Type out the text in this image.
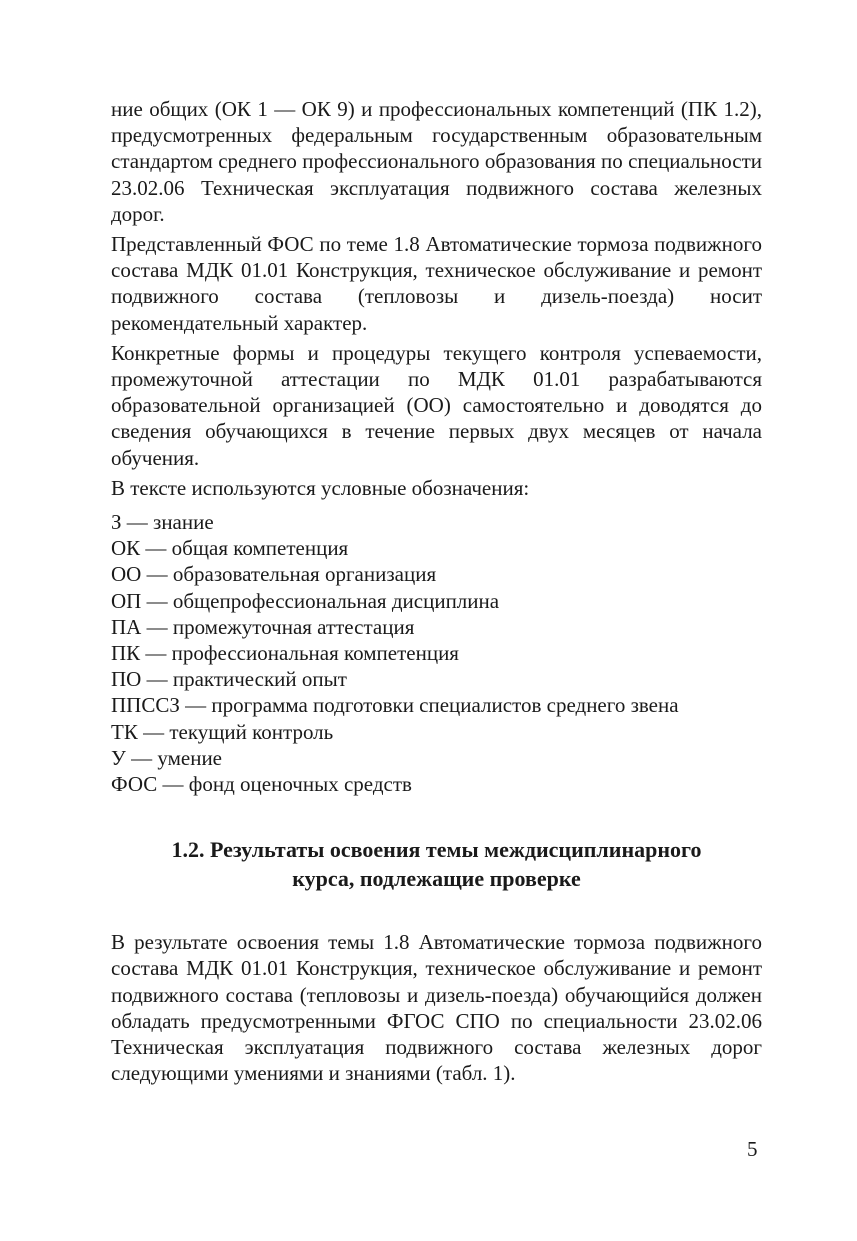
ние общих (ОК 1 — ОК 9) и профессиональных компетенций (ПК 1.2), предусмотренных федеральным государственным образовательным стандартом среднего профессионального образования по специальности 23.02.06 Техническая эксплуатация подвижного состава железных дорог.

Представленный ФОС по теме 1.8 Автоматические тормоза подвижного состава МДК 01.01 Конструкция, техническое обслуживание и ремонт подвижного состава (тепловозы и дизель-поезда) носит рекомендательный характер.

Конкретные формы и процедуры текущего контроля успеваемости, промежуточной аттестации по МДК 01.01 разрабатываются образовательной организацией (ОО) самостоятельно и доводятся до сведения обучающихся в течение первых двух месяцев от начала обучения.

В тексте используются условные обозначения:

З — знание
ОК — общая компетенция
ОО — образовательная организация
ОП — общепрофессиональная дисциплина
ПА — промежуточная аттестация
ПК — профессиональная компетенция
ПО — практический опыт
ППССЗ — программа подготовки специалистов среднего звена
ТК — текущий контроль
У — умение
ФОС — фонд оценочных средств
1.2. Результаты освоения темы междисциплинарного
курса, подлежащие проверке

В результате освоения темы 1.8 Автоматические тормоза подвижного состава МДК 01.01 Конструкция, техническое обслуживание и ремонт подвижного состава (тепловозы и дизель-поезда) обучающийся должен обладать предусмотренными ФГОС СПО по специальности 23.02.06 Техническая эксплуатация подвижного состава железных дорог следующими умениями и знаниями (табл. 1).

5
